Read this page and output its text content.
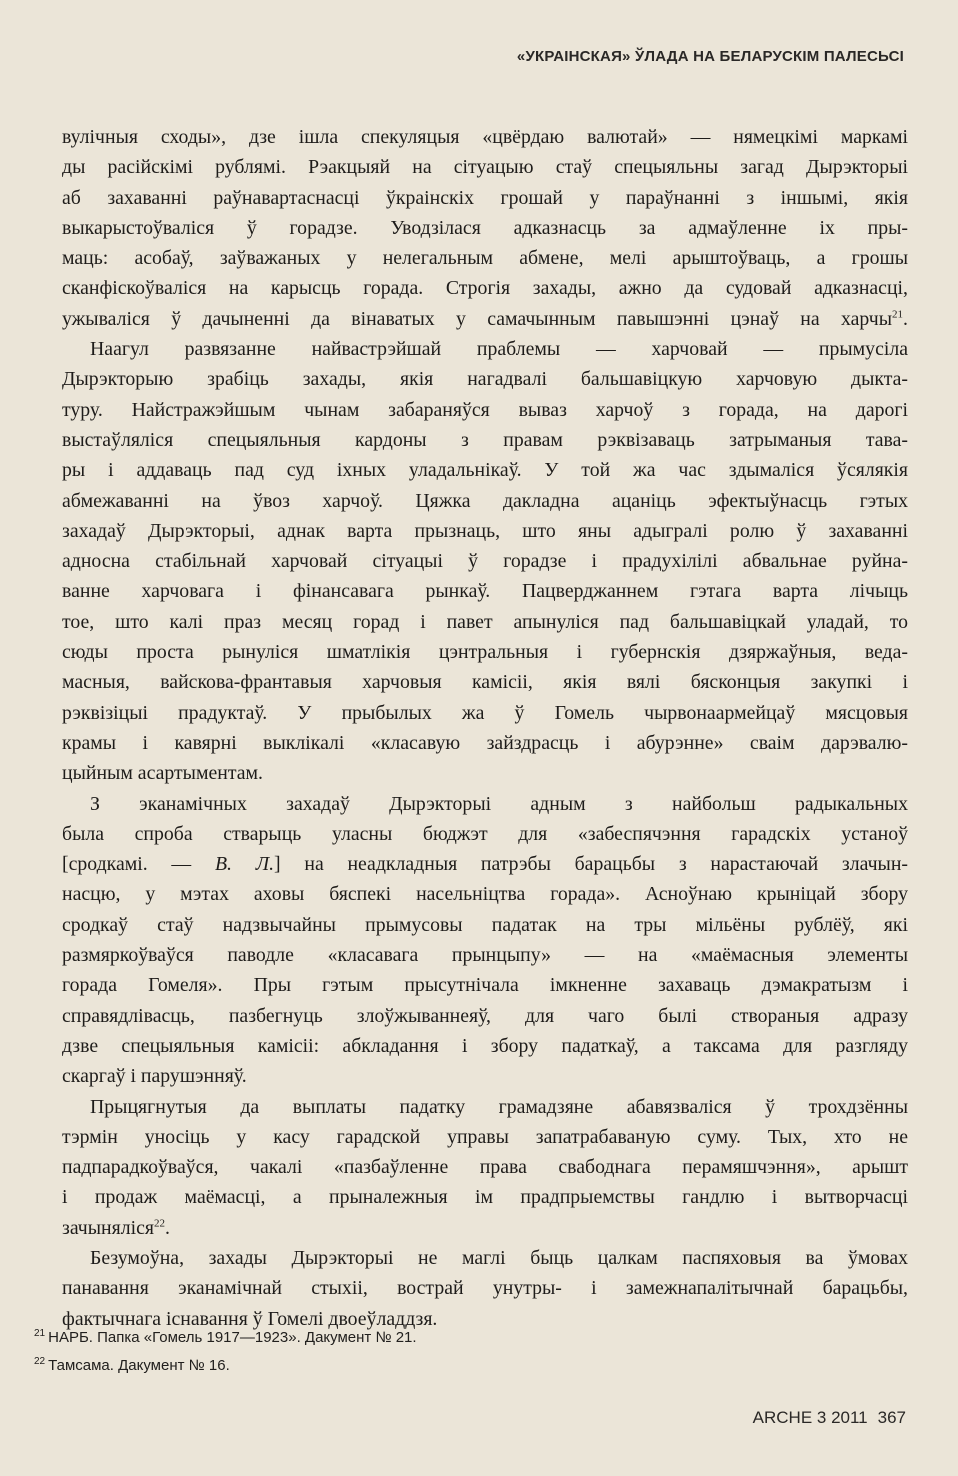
«УКРАІНСКАЯ» ЎЛАДА НА БЕЛАРУСКІМ ПАЛЕСЬСІ

вулічныя сходы», дзе ішла спекуляцыя «цвёрдаю валютай» — нямецкімі маркамі
ды расійскімі рублямі. Рэакцыяй на сітуацыю стаў спецыяльны загад Дырэкторыі
аб захаванні раўнавартаснасці ўкраінскіх грошай у параўнанні з іншымі, якія
выкарыстоўваліся ў горадзе. Уводзілася адказнасць за адмаўленне іх пры-
маць: асобаў, заўважаных у нелегальным абмене, мелі арыштоўваць, а грошы
сканфіскоўваліся на карысць горада. Строгія захады, ажно да судовай адказнасці,
ужываліся ў дачыненні да вінаватых у самачынным павышэнні цэнаў на харчы$^{21}$.

Наагул развязанне найвастрэйшай праблемы — харчовай — прымусіла
Дырэкторыю зрабіць захады, якія нагадвалі бальшавіцкую харчовую дыкта-
туру. Найстражэйшым чынам забараняўся вываз харчоў з горада, на дарогі
выстаўляліся спецыяльныя кардоны з правам рэквізаваць затрыманыя тава-
ры і аддаваць пад суд іхных уладальнікаў. У той жа час здымаліся ўсялякія
абмежаванні на ўвоз харчоў. Цяжка дакладна ацаніць эфектыўнасць гэтых
захадаў Дырэкторыі, аднак варта прызнаць, што яны адыгралі ролю ў захаванні
адносна стабільнай харчовай сітуацыі ў горадзе і прадухілілі абвальнае руйна-
ванне харчовага і фінансавага рынкаў. Пацверджаннем гэтага варта лічыць
тое, што калі праз месяц горад і павет апынуліся пад бальшавіцкай уладай, то
сюды проста рынуліся шматлікія цэнтральныя і губернскія дзяржаўныя, веда-
масныя, вайскова-франтавыя харчовыя камісіі, якія вялі бясконцыя закупкі і
рэквізіцыі прадуктаў. У прыбылых жа ў Гомель чырвонаармейцаў мясцовыя
крамы і кавярні выклікалі «класавую зайздрасць і абурэнне» сваім дарэвалю-
цыйным асартыментам.

З эканамічных захадаў Дырэкторыі адным з найбольш радыкальных
была спроба стварыць уласны бюджэт для «забеспячэння гарадскіх устаноў
[сродкамі. — В. Л.] на неадкладныя патрэбы барацьбы з нарастаючай злачын-
насцю, у мэтах аховы бяспекі насельніцтва горада». Асноўнаю крыніцай збору
сродкаў стаў надзвычайны прымусовы падатак на тры мільёны рублёў, які
размяркоўваўся паводле «класавага прынцыпу» — на «маёмасныя элементы
горада Гомеля». Пры гэтым прысутнічала імкненне захаваць дэмакратызм і
справядлівасць, пазбегнуць злоўжываннеяў, для чаго былі створаныя адразу
дзве спецыяльныя камісіі: абкладання і збору падаткаў, а таксама для разгляду
скаргаў і парушэнняў.

Прыцягнутыя да выплаты падатку грамадзяне абавязваліся ў трохдзённы
тэрмін уносіць у касу гарадской управы запатрабаваную суму. Тых, хто не
падпарадкоўваўся, чакалі «пазбаўленне права свабоднага перамяшчэння», арышт
і продаж маёмасці, а прыналежныя ім прадпрыемствы гандлю і вытворчасці
зачыняліся$^{22}$.

Безумоўна, захады Дырэкторыі не маглі быць цалкам паспяховыя ва ўмовах
панавання эканамічнай стыхіі, вострай унутры- і замежнапалітычнай барацьбы,
фактычнага існавання ў Гомелі двоеўладдзя.

$^{21}$ НАРБ. Папка «Гомель 1917—1923». Дакумент № 21.
$^{22}$ Тамсама. Дакумент № 16.
ARCHE 3 2011 367
